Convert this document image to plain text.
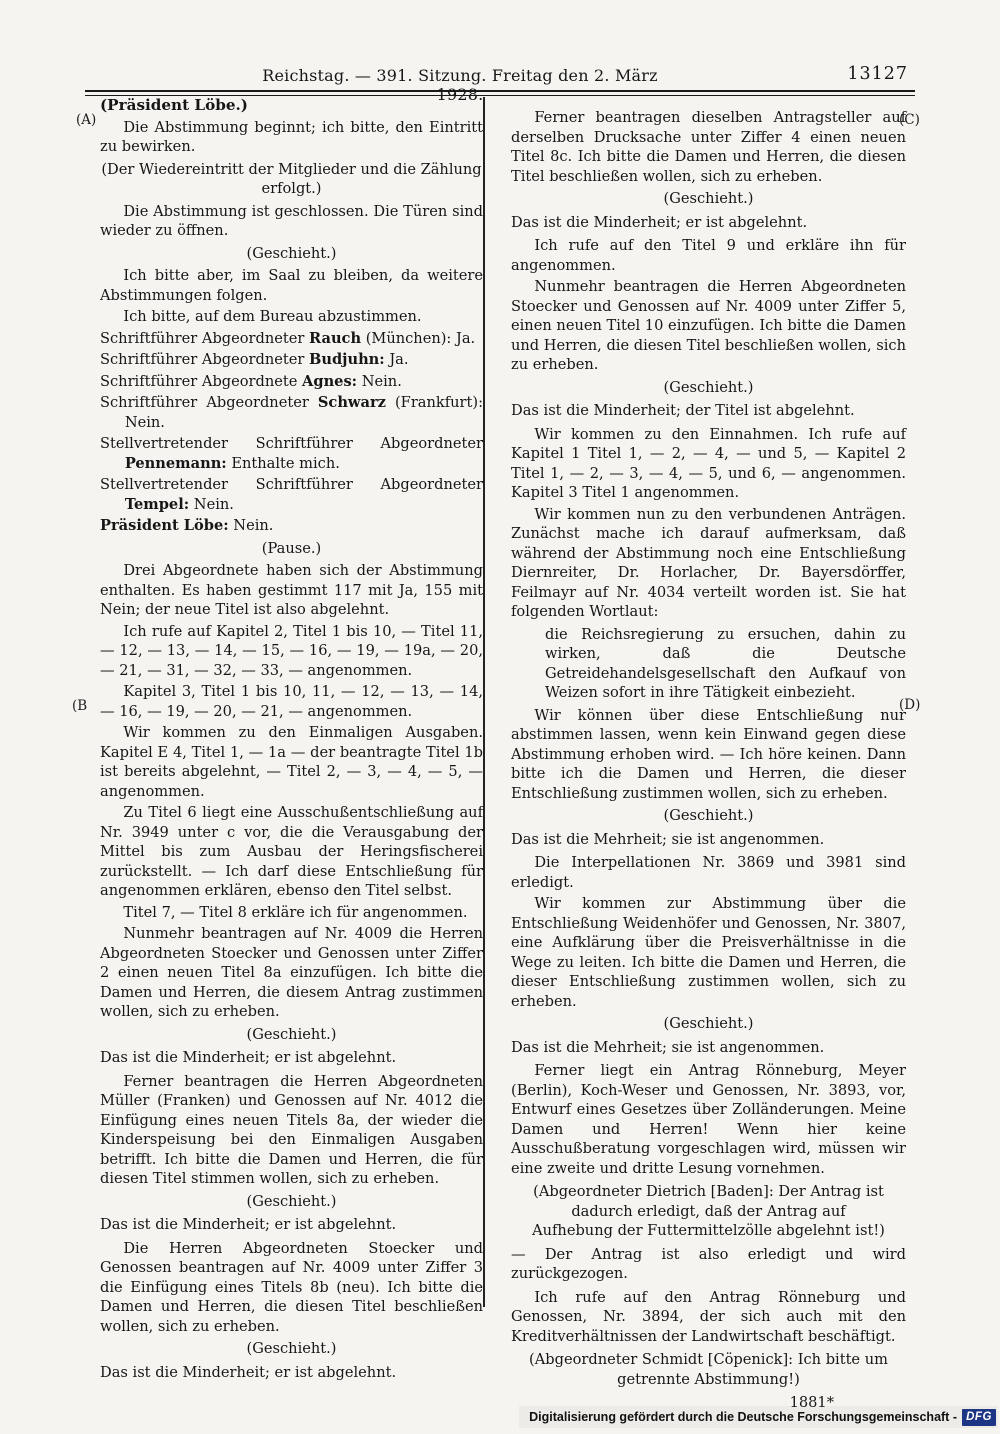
Reichstag. — 391. Sitzung. Freitag den 2. März 1928.
13127
(A)
(B
(C)
(D)

(Präsident Löbe.)

Die Abstimmung beginnt; ich bitte, den Eintritt zu bewirken.

(Der Wiedereintritt der Mitglieder und die Zählung erfolgt.)

Die Abstimmung ist geschlossen. Die Türen sind wieder zu öffnen.

(Geschieht.)

Ich bitte aber, im Saal zu bleiben, da weitere Abstimmungen folgen.

Ich bitte, auf dem Bureau abzustimmen.

Schriftführer Abgeordneter Rauch (München): Ja.

Schriftführer Abgeordneter Budjuhn: Ja.

Schriftführer Abgeordnete Agnes: Nein.

Schriftführer Abgeordneter Schwarz (Frankfurt): Nein.

Stellvertretender Schriftführer Abgeordneter Pennemann: Enthalte mich.

Stellvertretender Schriftführer Abgeordneter Tempel: Nein.

Präsident Löbe: Nein.

(Pause.)

Drei Abgeordnete haben sich der Abstimmung enthalten. Es haben gestimmt 117 mit Ja, 155 mit Nein; der neue Titel ist also abgelehnt.

Ich rufe auf Kapitel 2, Titel 1 bis 10, — Titel 11, — 12, — 13, — 14, — 15, — 16, — 19, — 19a, — 20, — 21, — 31, — 32, — 33, — angenommen.

Kapitel 3, Titel 1 bis 10, 11, — 12, — 13, — 14, — 16, — 19, — 20, — 21, — angenommen.

Wir kommen zu den Einmaligen Ausgaben. Kapitel E 4, Titel 1, — 1a — der beantragte Titel 1b ist bereits abgelehnt, — Titel 2, — 3, — 4, — 5, — angenommen.

Zu Titel 6 liegt eine Ausschußentschließung auf Nr. 3949 unter c vor, die die Verausgabung der Mittel bis zum Ausbau der Heringsfischerei zurückstellt. — Ich darf diese Entschließung für angenommen erklären, ebenso den Titel selbst.

Titel 7, — Titel 8 erkläre ich für angenommen.

Nunmehr beantragen auf Nr. 4009 die Herren Abgeordneten Stoecker und Genossen unter Ziffer 2 einen neuen Titel 8a einzufügen. Ich bitte die Damen und Herren, die diesem Antrag zustimmen wollen, sich zu erheben.

(Geschieht.)

Das ist die Minderheit; er ist abgelehnt.

Ferner beantragen die Herren Abgeordneten Müller (Franken) und Genossen auf Nr. 4012 die Einfügung eines neuen Titels 8a, der wieder die Kinderspeisung bei den Einmaligen Ausgaben betrifft. Ich bitte die Damen und Herren, die für diesen Titel stimmen wollen, sich zu erheben.

(Geschieht.)

Das ist die Minderheit; er ist abgelehnt.

Die Herren Abgeordneten Stoecker und Genossen beantragen auf Nr. 4009 unter Ziffer 3 die Einfügung eines Titels 8b (neu). Ich bitte die Damen und Herren, die diesen Titel beschließen wollen, sich zu erheben.

(Geschieht.)

Das ist die Minderheit; er ist abgelehnt.

Ferner beantragen dieselben Antragsteller auf derselben Drucksache unter Ziffer 4 einen neuen Titel 8c. Ich bitte die Damen und Herren, die diesen Titel beschließen wollen, sich zu erheben.

(Geschieht.)

Das ist die Minderheit; er ist abgelehnt.

Ich rufe auf den Titel 9 und erkläre ihn für angenommen.

Nunmehr beantragen die Herren Abgeordneten Stoecker und Genossen auf Nr. 4009 unter Ziffer 5, einen neuen Titel 10 einzufügen. Ich bitte die Damen und Herren, die diesen Titel beschließen wollen, sich zu erheben.

(Geschieht.)

Das ist die Minderheit; der Titel ist abgelehnt.

Wir kommen zu den Einnahmen. Ich rufe auf Kapitel 1 Titel 1, — 2, — 4, — und 5, — Kapitel 2 Titel 1, — 2, — 3, — 4, — 5, und 6, — angenommen. Kapitel 3 Titel 1 angenommen.

Wir kommen nun zu den verbundenen Anträgen. Zunächst mache ich darauf aufmerksam, daß während der Abstimmung noch eine Entschließung Diernreiter, Dr. Horlacher, Dr. Bayersdörffer, Feilmayr auf Nr. 4034 verteilt worden ist. Sie hat folgenden Wortlaut:

die Reichsregierung zu ersuchen, dahin zu wirken, daß die Deutsche Getreidehandelsgesellschaft den Aufkauf von Weizen sofort in ihre Tätigkeit einbezieht.

Wir können über diese Entschließung nur abstimmen lassen, wenn kein Einwand gegen diese Abstimmung erhoben wird. — Ich höre keinen. Dann bitte ich die Damen und Herren, die dieser Entschließung zustimmen wollen, sich zu erheben.

(Geschieht.)

Das ist die Mehrheit; sie ist angenommen.

Die Interpellationen Nr. 3869 und 3981 sind erledigt.

Wir kommen zur Abstimmung über die Entschließung Weidenhöfer und Genossen, Nr. 3807, eine Aufklärung über die Preisverhältnisse in die Wege zu leiten. Ich bitte die Damen und Herren, die dieser Entschließung zustimmen wollen, sich zu erheben.

(Geschieht.)

Das ist die Mehrheit; sie ist angenommen.

Ferner liegt ein Antrag Rönneburg, Meyer (Berlin), Koch-Weser und Genossen, Nr. 3893, vor, Entwurf eines Gesetzes über Zolländerungen. Meine Damen und Herren! Wenn hier keine Ausschußberatung vorgeschlagen wird, müssen wir eine zweite und dritte Lesung vornehmen.

(Abgeordneter Dietrich [Baden]: Der Antrag ist dadurch erledigt, daß der Antrag auf Aufhebung der Futtermittelzölle abgelehnt ist!)

— Der Antrag ist also erledigt und wird zurückgezogen.

Ich rufe auf den Antrag Rönneburg und Genossen, Nr. 3894, der sich auch mit den Kreditverhältnissen der Landwirtschaft beschäftigt.

(Abgeordneter Schmidt [Cöpenick]: Ich bitte um getrennte Abstimmung!)

1881*

Digitalisierung gefördert durch die Deutsche Forschungsgemeinschaft - DFG
